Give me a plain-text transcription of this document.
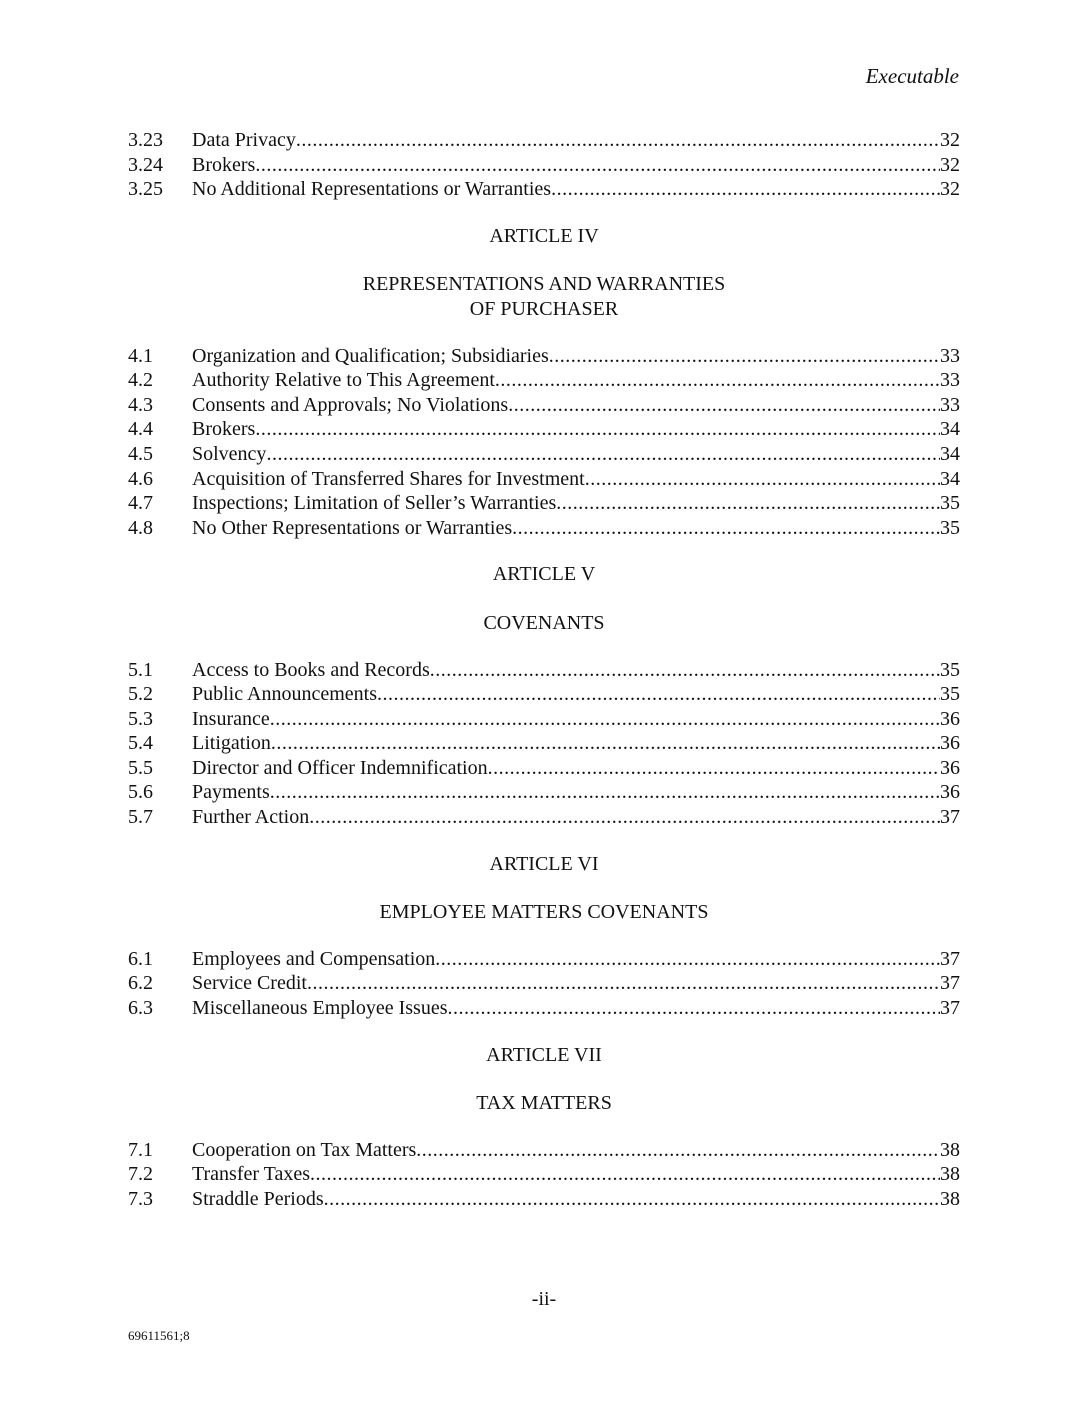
Executable
3.23	Data Privacy .....	32
3.24	Brokers .....	32
3.25	No Additional Representations or Warranties .....	32
ARTICLE IV
REPRESENTATIONS AND WARRANTIES
OF PURCHASER
4.1	Organization and Qualification; Subsidiaries .....	33
4.2	Authority Relative to This Agreement .....	33
4.3	Consents and Approvals; No Violations .....	33
4.4	Brokers .....	34
4.5	Solvency .....	34
4.6	Acquisition of Transferred Shares for Investment .....	34
4.7	Inspections; Limitation of Seller’s Warranties .....	35
4.8	No Other Representations or Warranties .....	35
ARTICLE V
COVENANTS
5.1	Access to Books and Records .....	35
5.2	Public Announcements .....	35
5.3	Insurance .....	36
5.4	Litigation .....	36
5.5	Director and Officer Indemnification .....	36
5.6	Payments .....	36
5.7	Further Action .....	37
ARTICLE VI
EMPLOYEE MATTERS COVENANTS
6.1	Employees and Compensation .....	37
6.2	Service Credit .....	37
6.3	Miscellaneous Employee Issues .....	37
ARTICLE VII
TAX MATTERS
7.1	Cooperation on Tax Matters .....	38
7.2	Transfer Taxes .....	38
7.3	Straddle Periods .....	38
-ii-
69611561;8
